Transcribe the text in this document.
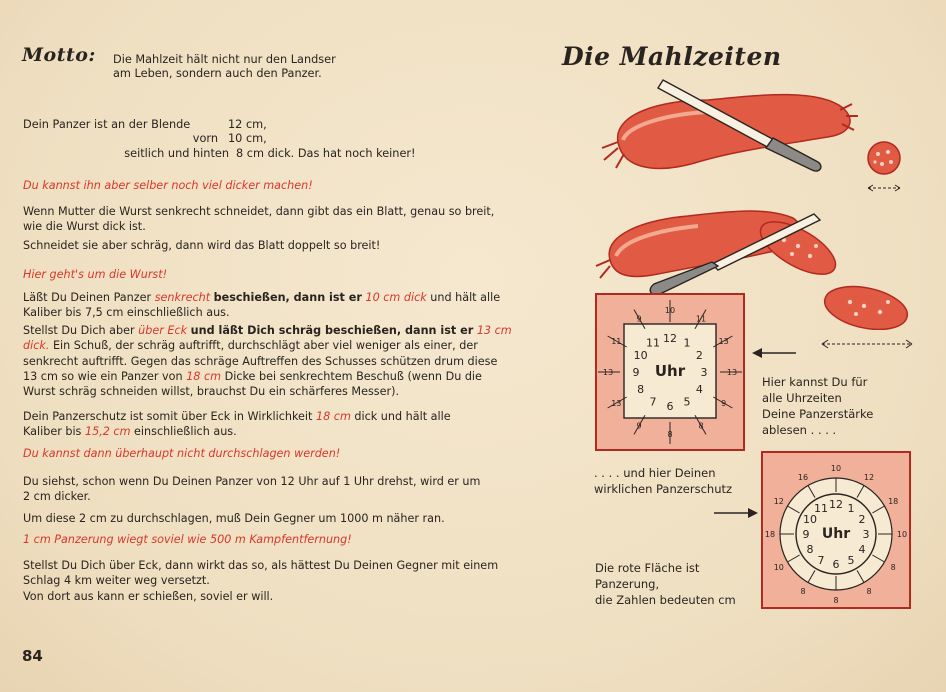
Motto: Die Mahlzeit hält nicht nur den Landser
am Leben, sondern auch den Panzer.
Dein Panzer ist an der Blende	12 cm,
vorn 10 cm,
seitlich und hinten 8 cm dick. Das hat noch keiner!
Du kannst ihn aber selber noch viel dicker machen!
Wenn Mutter die Wurst senkrecht schneidet, dann gibt das ein Blatt, genau so breit,
wie die Wurst dick ist.
Schneidet sie aber schräg, dann wird das Blatt doppelt so breit!
Hier geht's um die Wurst!
Läßt Du Deinen Panzer senkrecht beschießen, dann ist er 10 cm dick und hält alle
Kaliber bis 7,5 cm einschließlich aus.
Stellst Du Dich aber über Eck und läßt Dich schräg beschießen, dann ist er 13 cm
dick. Ein Schuß, der schräg auftrifft, durchschlägt aber viel weniger als einer, der
senkrecht auftrifft. Gegen das schräge Auftreffen des Schusses schützen drum diese
13 cm so wie ein Panzer von 18 cm Dicke bei senkrechtem Beschuß (wenn Du die
Wurst schräg schneiden willst, brauchst Du ein schärferes Messer).
Dein Panzerschutz ist somit über Eck in Wirklichkeit 18 cm dick und hält alle
Kaliber bis 15,2 cm einschließlich aus.
Du kannst dann überhaupt nicht durchschlagen werden!
Du siehst, schon wenn Du Deinen Panzer von 12 Uhr auf 1 Uhr drehst, wird er um
2 cm dicker.
Um diese 2 cm zu durchschlagen, muß Dein Gegner um 1000 m näher ran.
1 cm Panzerung wiegt soviel wie 500 m Kampfentfernung!
Stellst Du Dich über Eck, dann wirkt das so, als hättest Du Deinen Gegner mit einem
Schlag 4 km weiter weg versetzt.
Von dort aus kann er schießen, soviel er will.
84
Die Mahlzeiten
12 1
2
3
4
5
6
7
8
9
10
11
10
11
13
13
9
8
8
9
13
13
11
9
Uhr
Hier kannst Du für
alle Uhrzeiten
Deine Panzerstärke
ablesen . . . .
. . . . und hier Deinen
wirklichen Panzerschutz
12 1
2
3
4
5
6
7
8
9
10
11
10
12
18
10
8
8
8
8
10
18
12
16
Uhr
Die rote Fläche ist
Panzerung,
die Zahlen bedeuten cm
